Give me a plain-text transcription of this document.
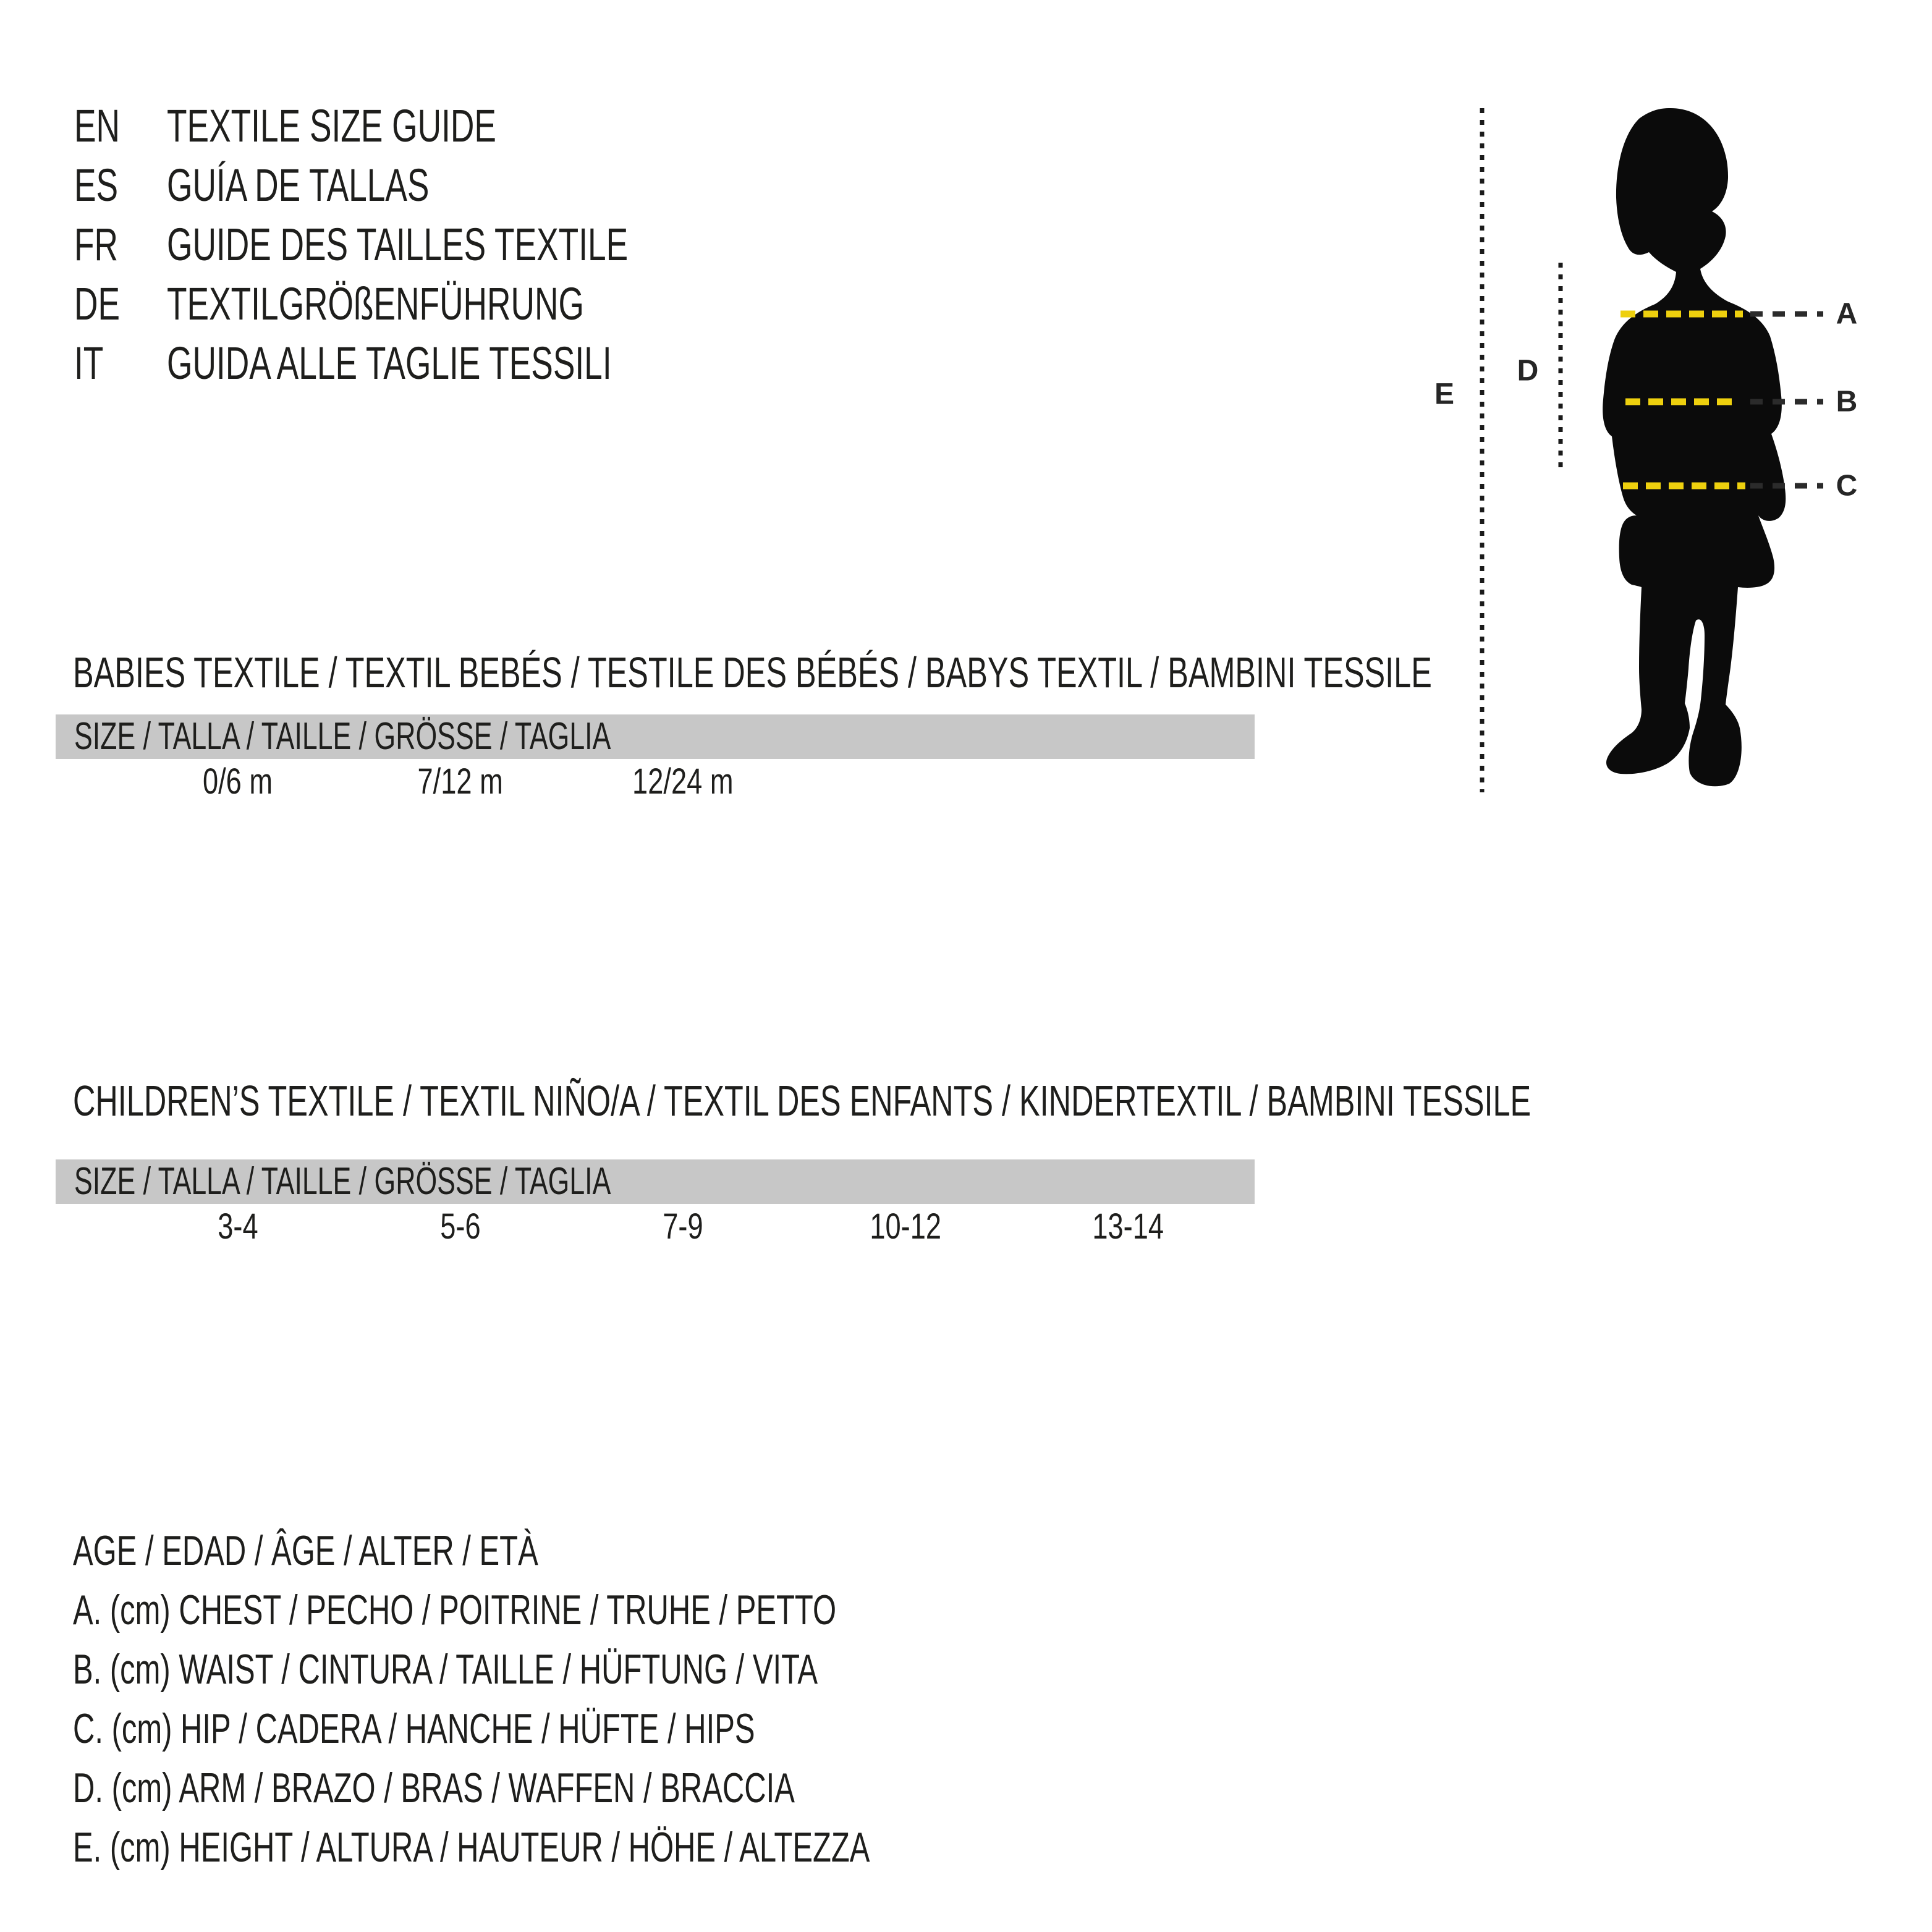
EN	TEXTILE SIZE GUIDE
ES	GUÍA DE TALLAS
FR	GUIDE DES TAILLES TEXTILE
DE	TEXTILGRÖßENFÜHRUNG
IT	GUIDA ALLE TAGLIE TESSILI
A
B
C
D
E
BABIES TEXTILE / TEXTIL BEBÉS / TESTILE DES BÉBÉS / BABYS TEXTIL / BAMBINI TESSILE
SIZE / TALLA / TAILLE / GRÖSSE / TAGLIA
	0/6 m	7/12 m	12/24 m	
CHILDREN’S TEXTILE / TEXTIL NIÑO/A / TEXTIL DES ENFANTS / KINDERTEXTIL / BAMBINI TESSILE
SIZE / TALLA / TAILLE / GRÖSSE / TAGLIA
	3-4	5-6	7-9	10-12	13-14	
AGE / EDAD / ÂGE / ALTER / ETÀ
A. (cm) CHEST / PECHO / POITRINE / TRUHE / PETTO
B. (cm) WAIST / CINTURA / TAILLE / HÜFTUNG / VITA
C. (cm) HIP / CADERA / HANCHE / HÜFTE / HIPS
D. (cm) ARM / BRAZO / BRAS / WAFFEN / BRACCIA
E. (cm) HEIGHT / ALTURA / HAUTEUR / HÖHE / ALTEZZA
